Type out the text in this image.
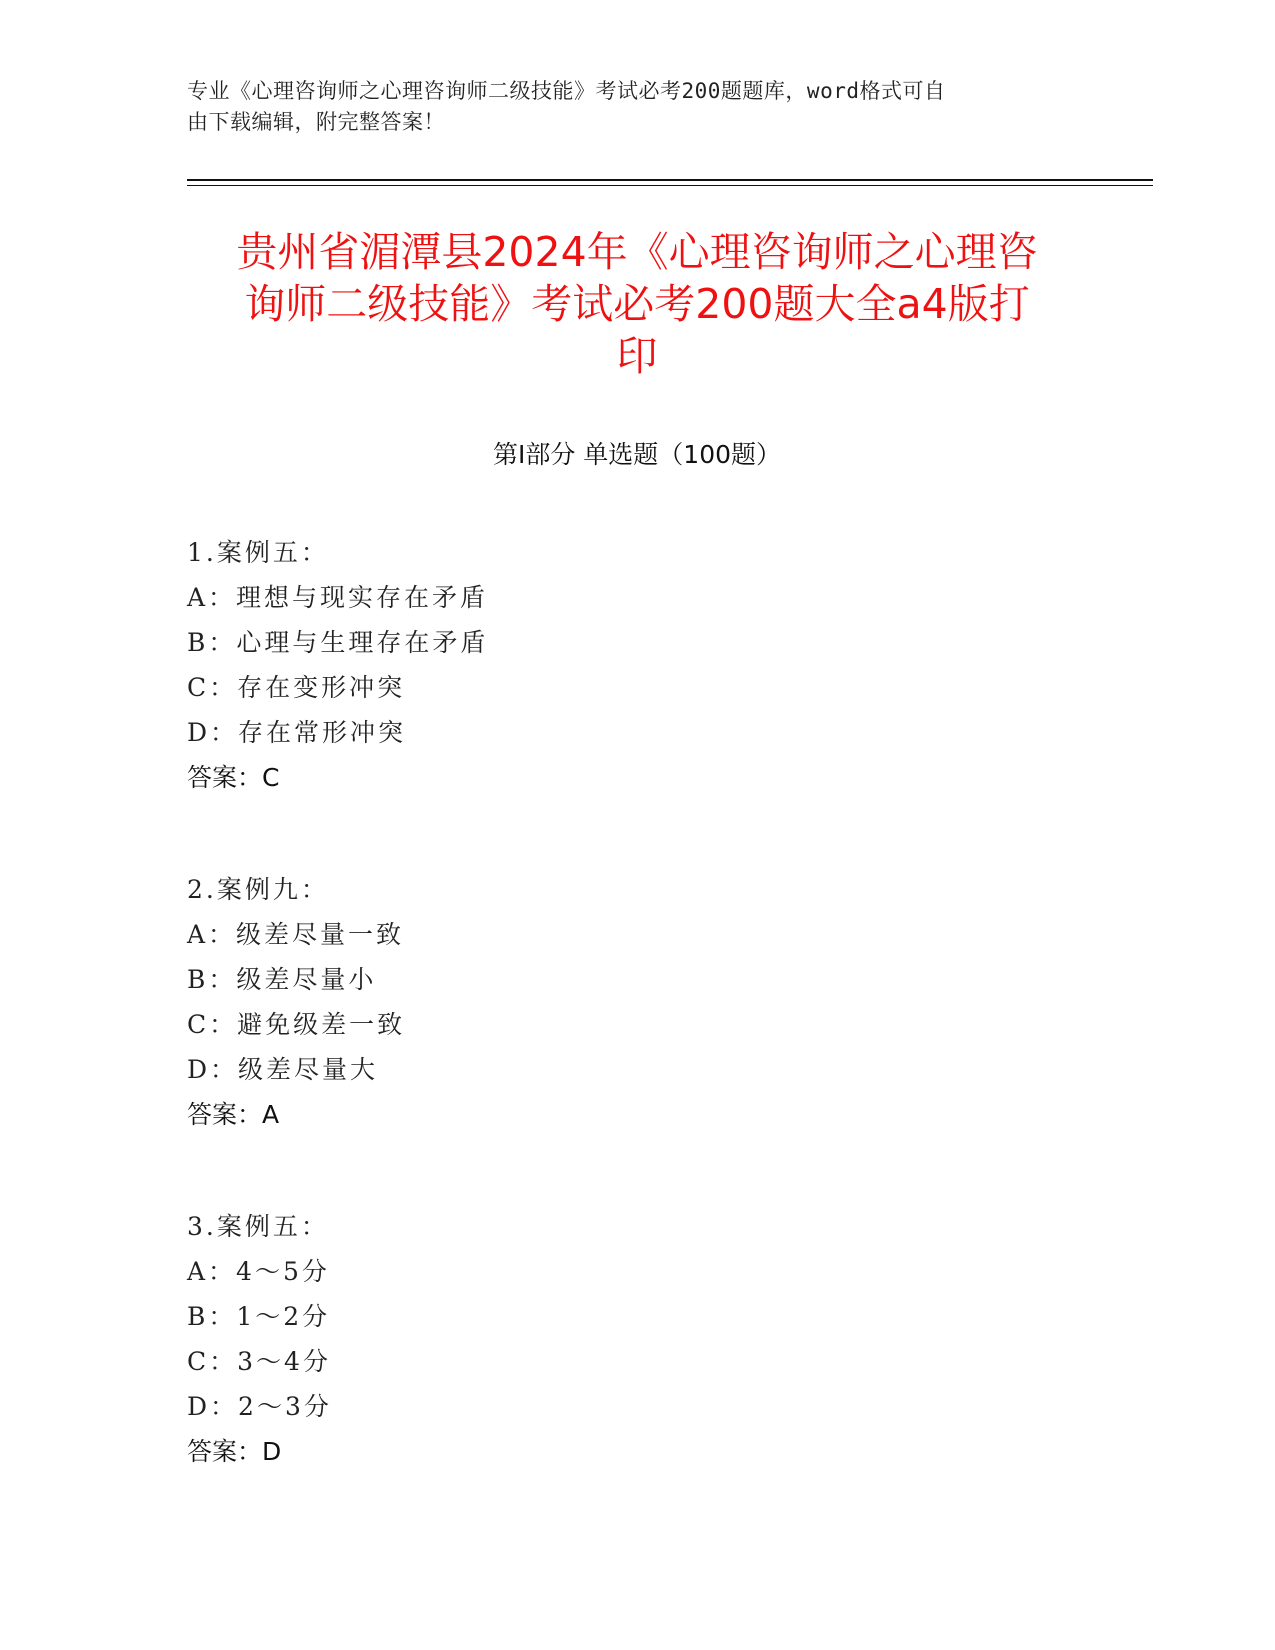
专业《心理咨询师之心理咨询师二级技能》考试必考200题题库，word格式可自
由下载编辑，附完整答案！
贵州省湄潭县2024年《心理咨询师之心理咨
询师二级技能》考试必考200题大全a4版打
印
第I部分 单选题（100题）
1.案例五：
A：理想与现实存在矛盾
B：心理与生理存在矛盾
C：存在变形冲突
D：存在常形冲突
答案：C
2.案例九：
A：级差尽量一致
B：级差尽量小
C：避免级差一致
D：级差尽量大
答案：A
3.案例五：
A：4～5分
B：1～2分
C：3～4分
D：2～3分
答案：D
